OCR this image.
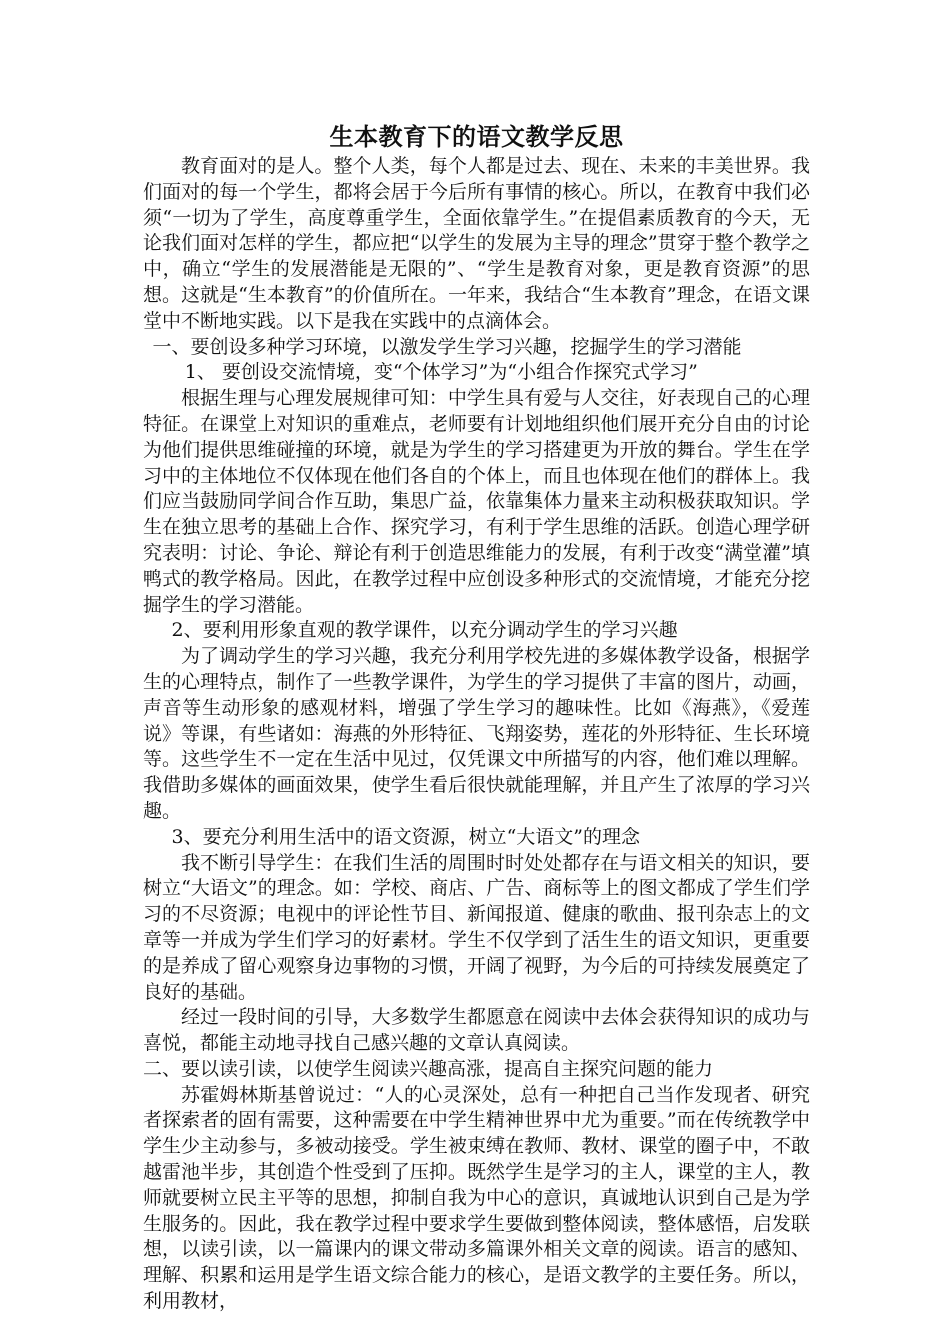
生本教育下的语文教学反思

教育面对的是人。整个人类，每个人都是过去、现在、未来的丰美世界。我们面对的每一个学生，都将会居于今后所有事情的核心。所以，在教育中我们必须“一切为了学生，高度尊重学生，全面依靠学生。”在提倡素质教育的今天，无论我们面对怎样的学生，都应把“以学生的发展为主导的理念”贯穿于整个教学之中，确立“学生的发展潜能是无限的”、“学生是教育对象，更是教育资源”的思想。这就是“生本教育”的价值所在。一年来，我结合“生本教育”理念，在语文课堂中不断地实践。以下是我在实践中的点滴体会。

一、要创设多种学习环境，以激发学生学习兴趣，挖掘学生的学习潜能

1、 要创设交流情境，变“个体学习”为“小组合作探究式学习”

根据生理与心理发展规律可知：中学生具有爱与人交往，好表现自己的心理特征。在课堂上对知识的重难点，老师要有计划地组织他们展开充分自由的讨论为他们提供思维碰撞的环境，就是为学生的学习搭建更为开放的舞台。学生在学习中的主体地位不仅体现在他们各自的个体上，而且也体现在他们的群体上。我们应当鼓励同学间合作互助，集思广益，依靠集体力量来主动积极获取知识。学生在独立思考的基础上合作、探究学习，有利于学生思维的活跃。创造心理学研究表明：讨论、争论、辩论有利于创造思维能力的发展，有利于改变“满堂灌”填鸭式的教学格局。因此，在教学过程中应创设多种形式的交流情境，才能充分挖掘学生的学习潜能。

2、要利用形象直观的教学课件，以充分调动学生的学习兴趣

为了调动学生的学习兴趣，我充分利用学校先进的多媒体教学设备，根据学生的心理特点，制作了一些教学课件，为学生的学习提供了丰富的图片，动画，声音等生动形象的感观材料，增强了学生学习的趣味性。比如《海燕》，《爱莲说》等课，有些诸如：海燕的外形特征、飞翔姿势，莲花的外形特征、生长环境等。这些学生不一定在生活中见过，仅凭课文中所描写的内容，他们难以理解。我借助多媒体的画面效果，使学生看后很快就能理解，并且产生了浓厚的学习兴趣。

3、要充分利用生活中的语文资源，树立“大语文”的理念

我不断引导学生：在我们生活的周围时时处处都存在与语文相关的知识，要树立“大语文”的理念。如：学校、商店、广告、商标等上的图文都成了学生们学习的不尽资源；电视中的评论性节目、新闻报道、健康的歌曲、报刊杂志上的文章等一并成为学生们学习的好素材。学生不仅学到了活生生的语文知识，更重要的是养成了留心观察身边事物的习惯，开阔了视野，为今后的可持续发展奠定了良好的基础。

经过一段时间的引导，大多数学生都愿意在阅读中去体会获得知识的成功与喜悦，都能主动地寻找自己感兴趣的文章认真阅读。

二、要以读引读，以使学生阅读兴趣高涨，提高自主探究问题的能力

苏霍姆林斯基曾说过：“人的心灵深处，总有一种把自己当作发现者、研究者探索者的固有需要，这种需要在中学生精神世界中尤为重要。”而在传统教学中学生少主动参与，多被动接受。学生被束缚在教师、教材、课堂的圈子中，不敢越雷池半步，其创造个性受到了压抑。既然学生是学习的主人，课堂的主人，教师就要树立民主平等的思想，抑制自我为中心的意识，真诚地认识到自己是为学生服务的。因此，我在教学过程中要求学生要做到整体阅读，整体感悟，启发联想，以读引读，以一篇课内的课文带动多篇课外相关文章的阅读。语言的感知、理解、积累和运用是学生语文综合能力的核心，是语文教学的主要任务。所以，利用教材，
